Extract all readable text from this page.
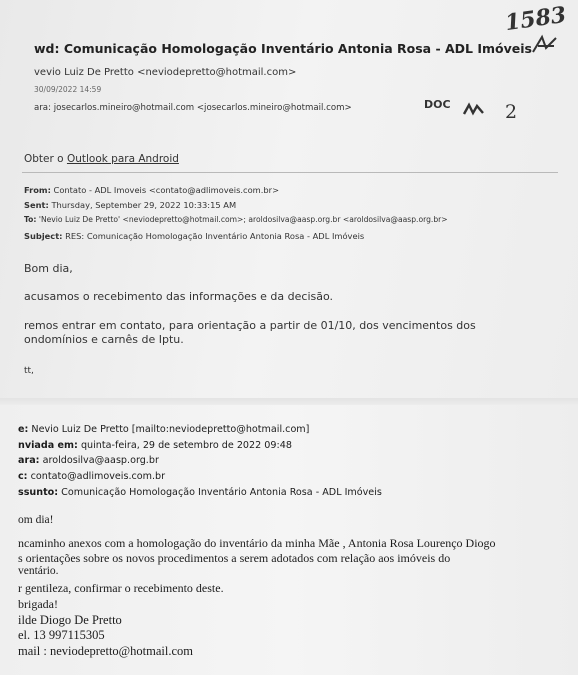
1583
DOC	2
wd: Comunicação Homologação Inventário Antonia Rosa - ADL Imóveis
vevio Luiz De Pretto <neviodepretto@hotmail.com>
30/09/2022 14:59
ara: josecarlos.mineiro@hotmail.com <josecarlos.mineiro@hotmail.com>
Obter o Outlook para Android
From: Contato - ADL Imoveis <contato@adlimoveis.com.br>
Sent: Thursday, September 29, 2022 10:33:15 AM
To: 'Nevio Luiz De Pretto' <neviodepretto@hotmail.com>; aroldosilva@aasp.org.br <aroldosilva@aasp.org.br>
Subject: RES: Comunicação Homologação Inventário Antonia Rosa - ADL Imóveis
Bom dia,
acusamos o recebimento das informações e da decisão.
remos entrar em contato, para orientação a partir de 01/10, dos vencimentos dos
ondomínios e carnês de Iptu.
tt,
e: Nevio Luiz De Pretto [mailto:neviodepretto@hotmail.com]
nviada em: quinta-feira, 29 de setembro de 2022 09:48
ara: aroldosilva@aasp.org.br
c: contato@adlimoveis.com.br
ssunto: Comunicação Homologação Inventário Antonia Rosa - ADL Imóveis
om dia!
ncaminho anexos com a homologação do inventário da minha Mãe , Antonia Rosa Lourenço Diogo
s orientações sobre os novos procedimentos a serem adotados com relação aos imóveis do
ventário.
r gentileza, confirmar o recebimento deste.
brigada!
ilde Diogo De Pretto
el. 13 997115305
mail : neviodepretto@hotmail.com
